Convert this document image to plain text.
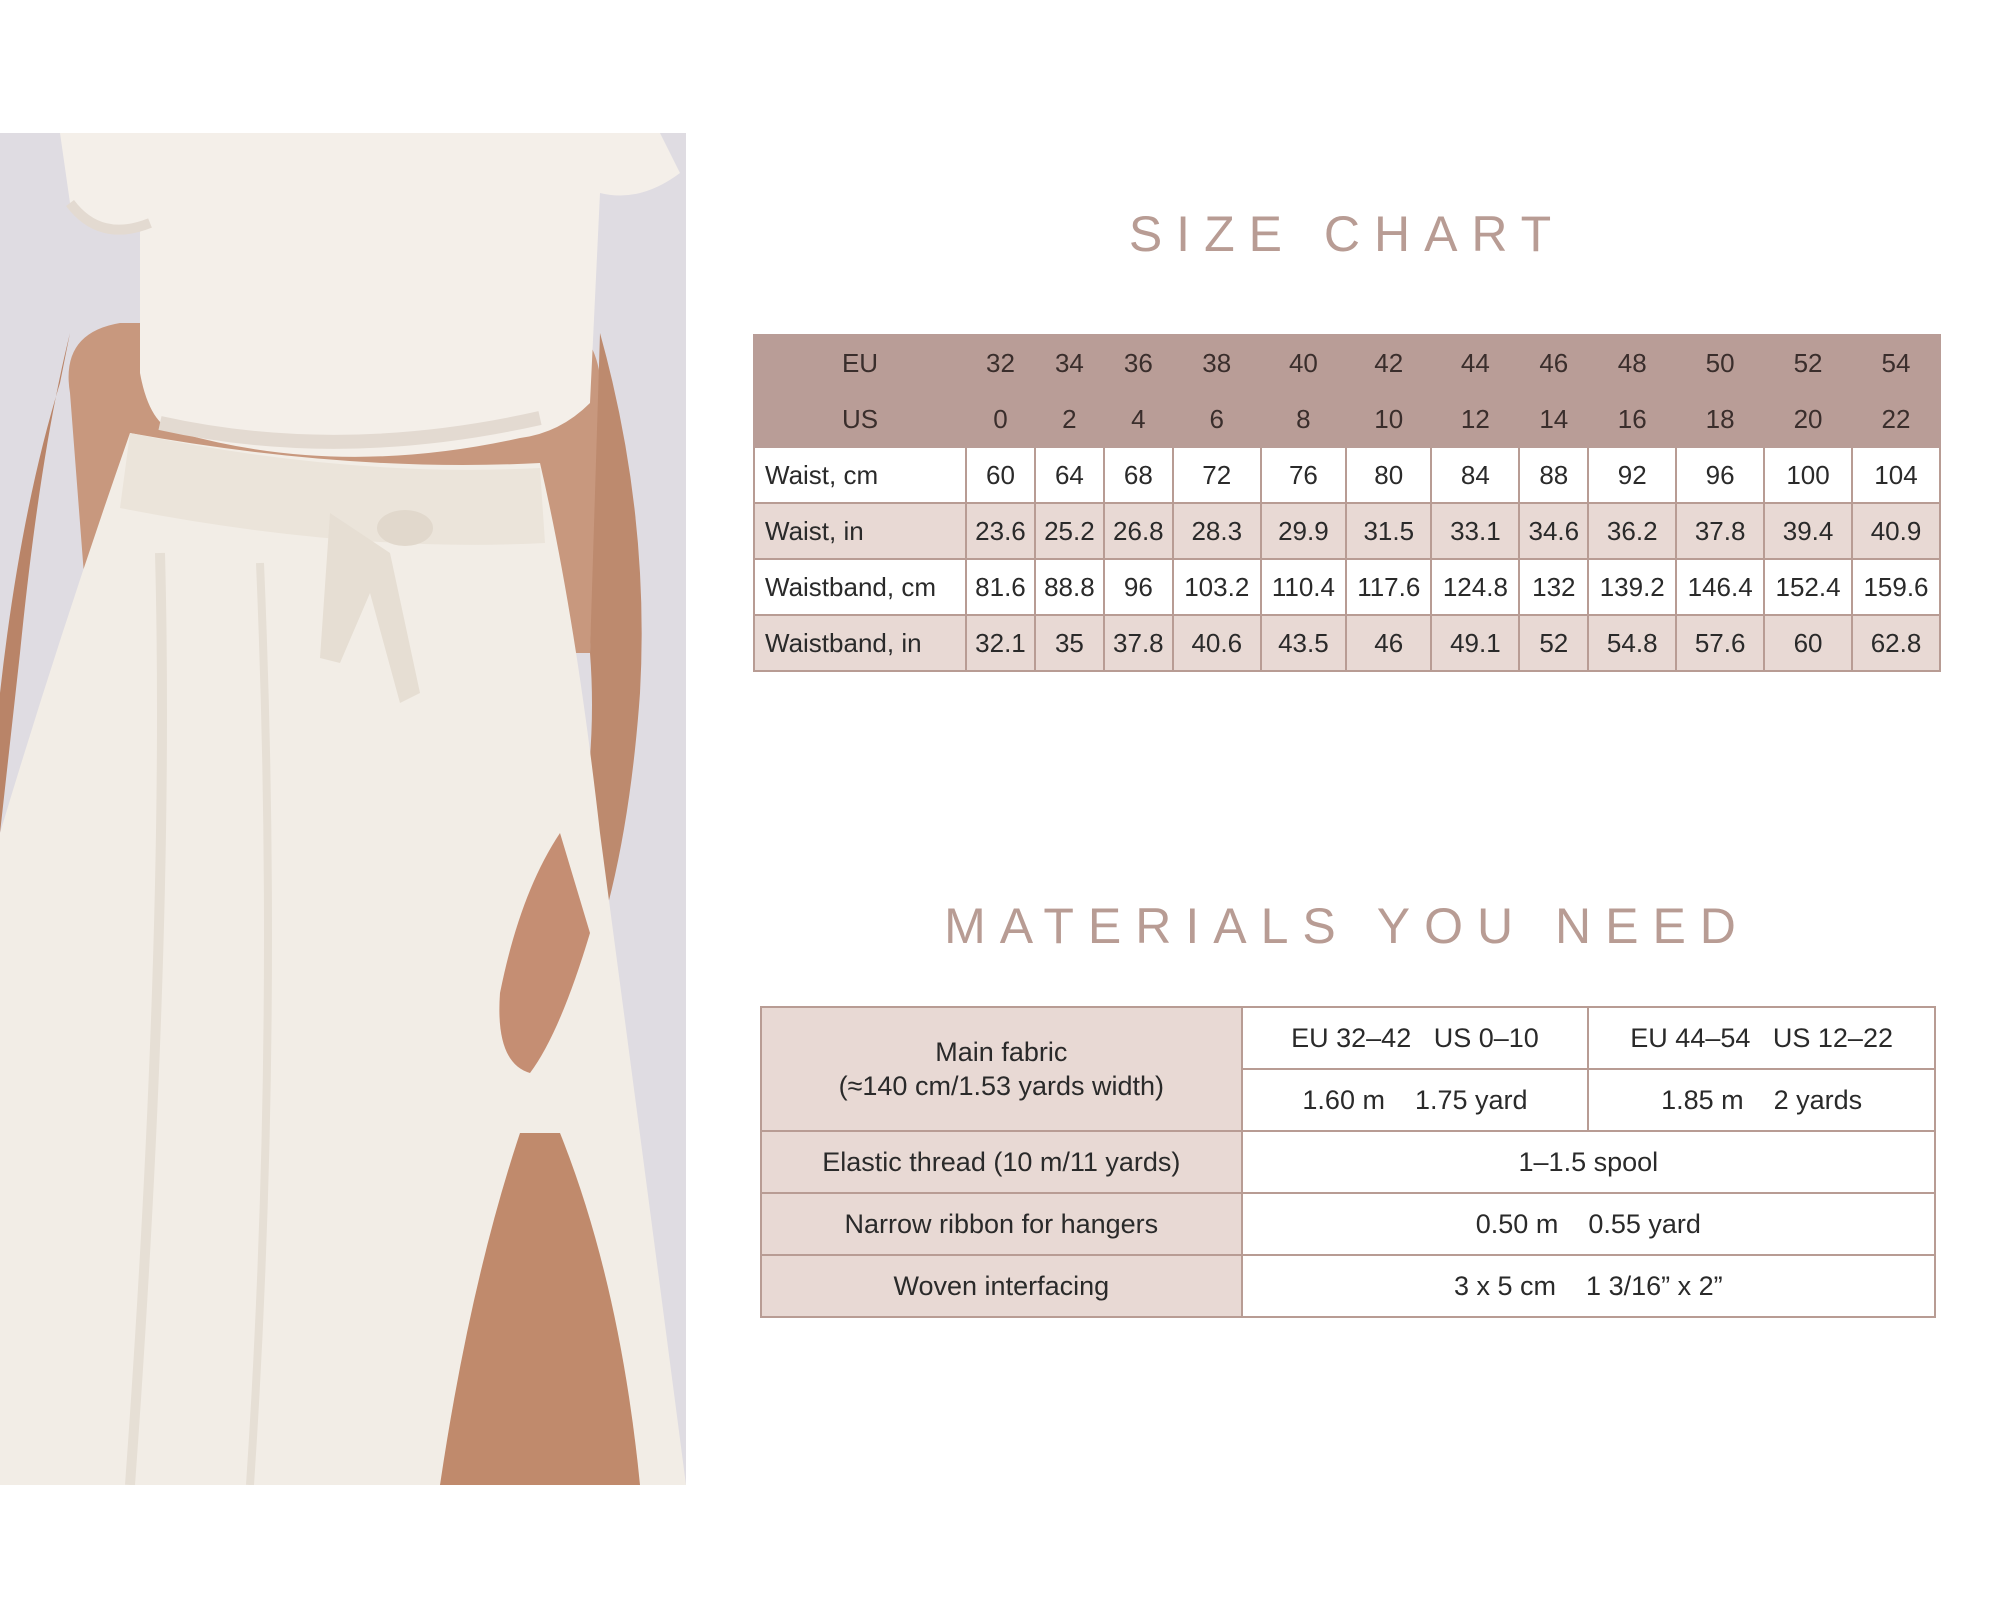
SIZE CHART
EU	32	34	36	38	40	42	44	46	48	50	52	54
US	0	2	4	6	8	10	12	14	16	18	20	22
Waist, cm	60	64	68	72	76	80	84	88	92	96	100	104
Waist, in	23.6	25.2	26.8	28.3	29.9	31.5	33.1	34.6	36.2	37.8	39.4	40.9
Waistband, cm	81.6	88.8	96	103.2	110.4	117.6	124.8	132	139.2	146.4	152.4	159.6
Waistband, in	32.1	35	37.8	40.6	43.5	46	49.1	52	54.8	57.6	60	62.8
MATERIALS YOU NEED
Main fabric
(≈140 cm/1.53 yards width)	EU 32–42   US 0–10	EU 44–54   US 12–22
	1.60 m    1.75 yard	1.85 m    2 yards
Elastic thread (10 m/11 yards)	1–1.5 spool	
Narrow ribbon for hangers	0.50 m    0.55 yard	
Woven interfacing	3 x 5 cm    1 3/16” x 2”	
